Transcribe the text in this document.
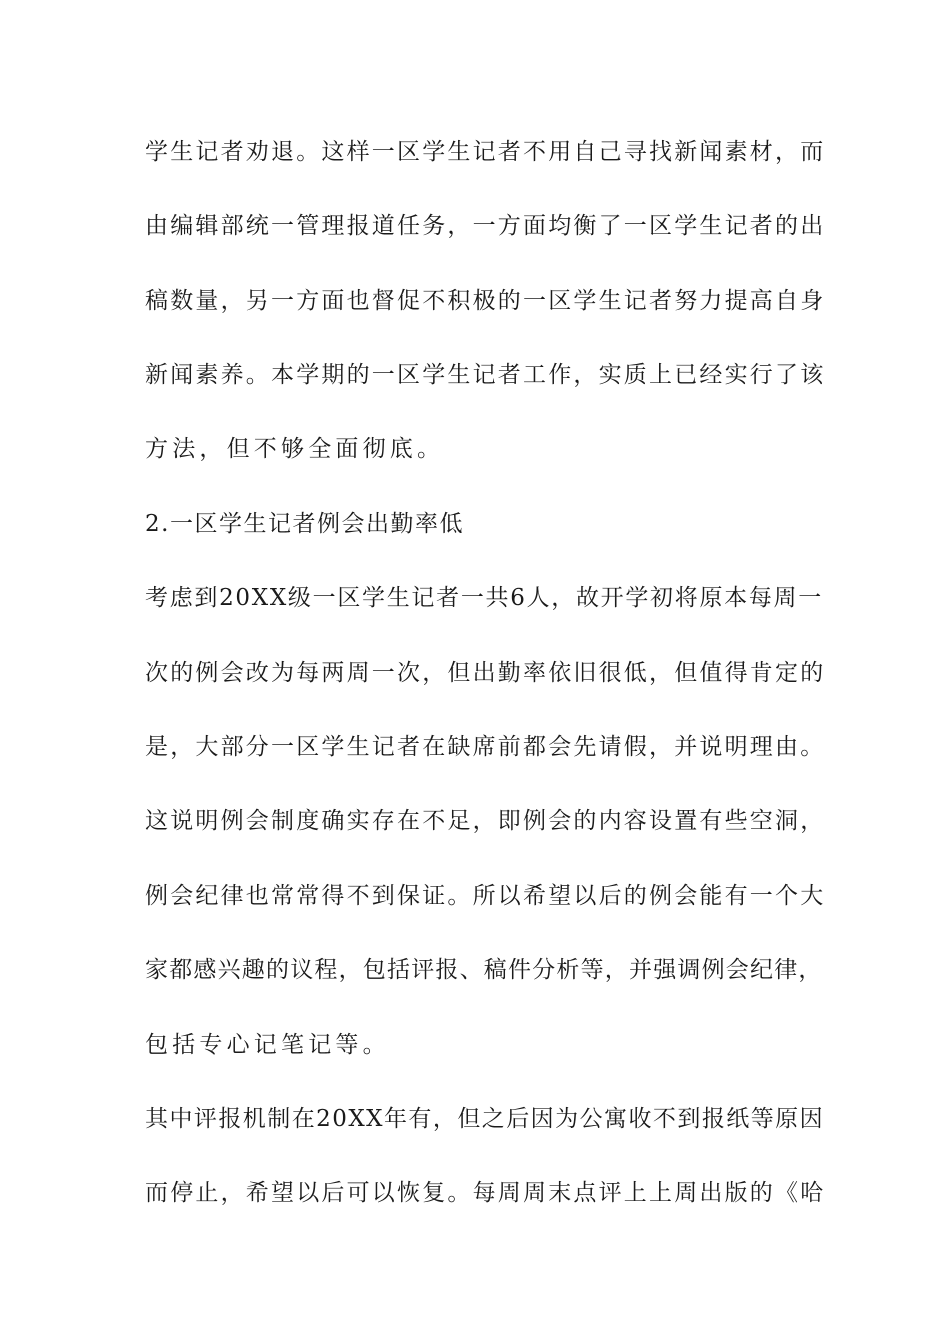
学生记者劝退。这样一区学生记者不用自己寻找新闻素材，而
由编辑部统一管理报道任务，一方面均衡了一区学生记者的出
稿数量，另一方面也督促不积极的一区学生记者努力提高自身
新闻素养。本学期的一区学生记者工作，实质上已经实行了该
方法，但不够全面彻底。
2.一区学生记者例会出勤率低
考虑到20XX级一区学生记者一共6人，故开学初将原本每周一
次的例会改为每两周一次，但出勤率依旧很低，但值得肯定的
是，大部分一区学生记者在缺席前都会先请假，并说明理由。
这说明例会制度确实存在不足，即例会的内容设置有些空洞，
例会纪律也常常得不到保证。所以希望以后的例会能有一个大
家都感兴趣的议程，包括评报、稿件分析等，并强调例会纪律，
包括专心记笔记等。
其中评报机制在20XX年有，但之后因为公寓收不到报纸等原因
而停止，希望以后可以恢复。每周周末点评上上周出版的《哈
